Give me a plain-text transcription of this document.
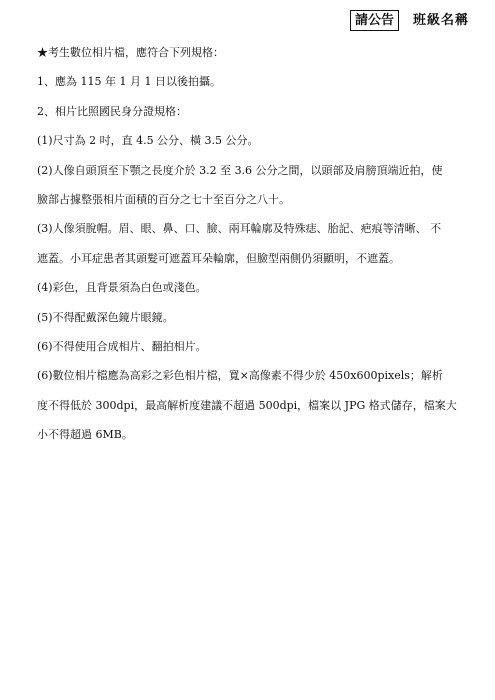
請公告	班級名稱

★考生數位相片檔，應符合下列規格：

1、應為 115 年 1 月 1 日以後拍攝。

2、相片比照國民身分證規格：

(1)尺寸為 2 吋，直 4.5 公分、橫 3.5 公分。

(2)人像自頭頂至下顎之長度介於 3.2 至 3.6 公分之間，以頭部及肩膀頂端近拍，使

臉部占據整張相片面積的百分之七十至百分之八十。

(3)人像須脫帽。眉、眼、鼻、口、臉、兩耳輪廓及特殊痣、胎記、疤痕等清晰、 不

遮蓋。小耳症患者其頭髮可遮蓋耳朵輪廓，但臉型兩側仍須顯明，不遮蓋。

(4)彩色，且背景須為白色或淺色。

(5)不得配戴深色鏡片眼鏡。

(6)不得使用合成相片、翻拍相片。

(6)數位相片檔應為高彩之彩色相片檔，寬×高像素不得少於 450x600pixels；解析

度不得低於 300dpi，最高解析度建議不超過 500dpi，檔案以 JPG 格式儲存，檔案大

小不得超過 6MB。
